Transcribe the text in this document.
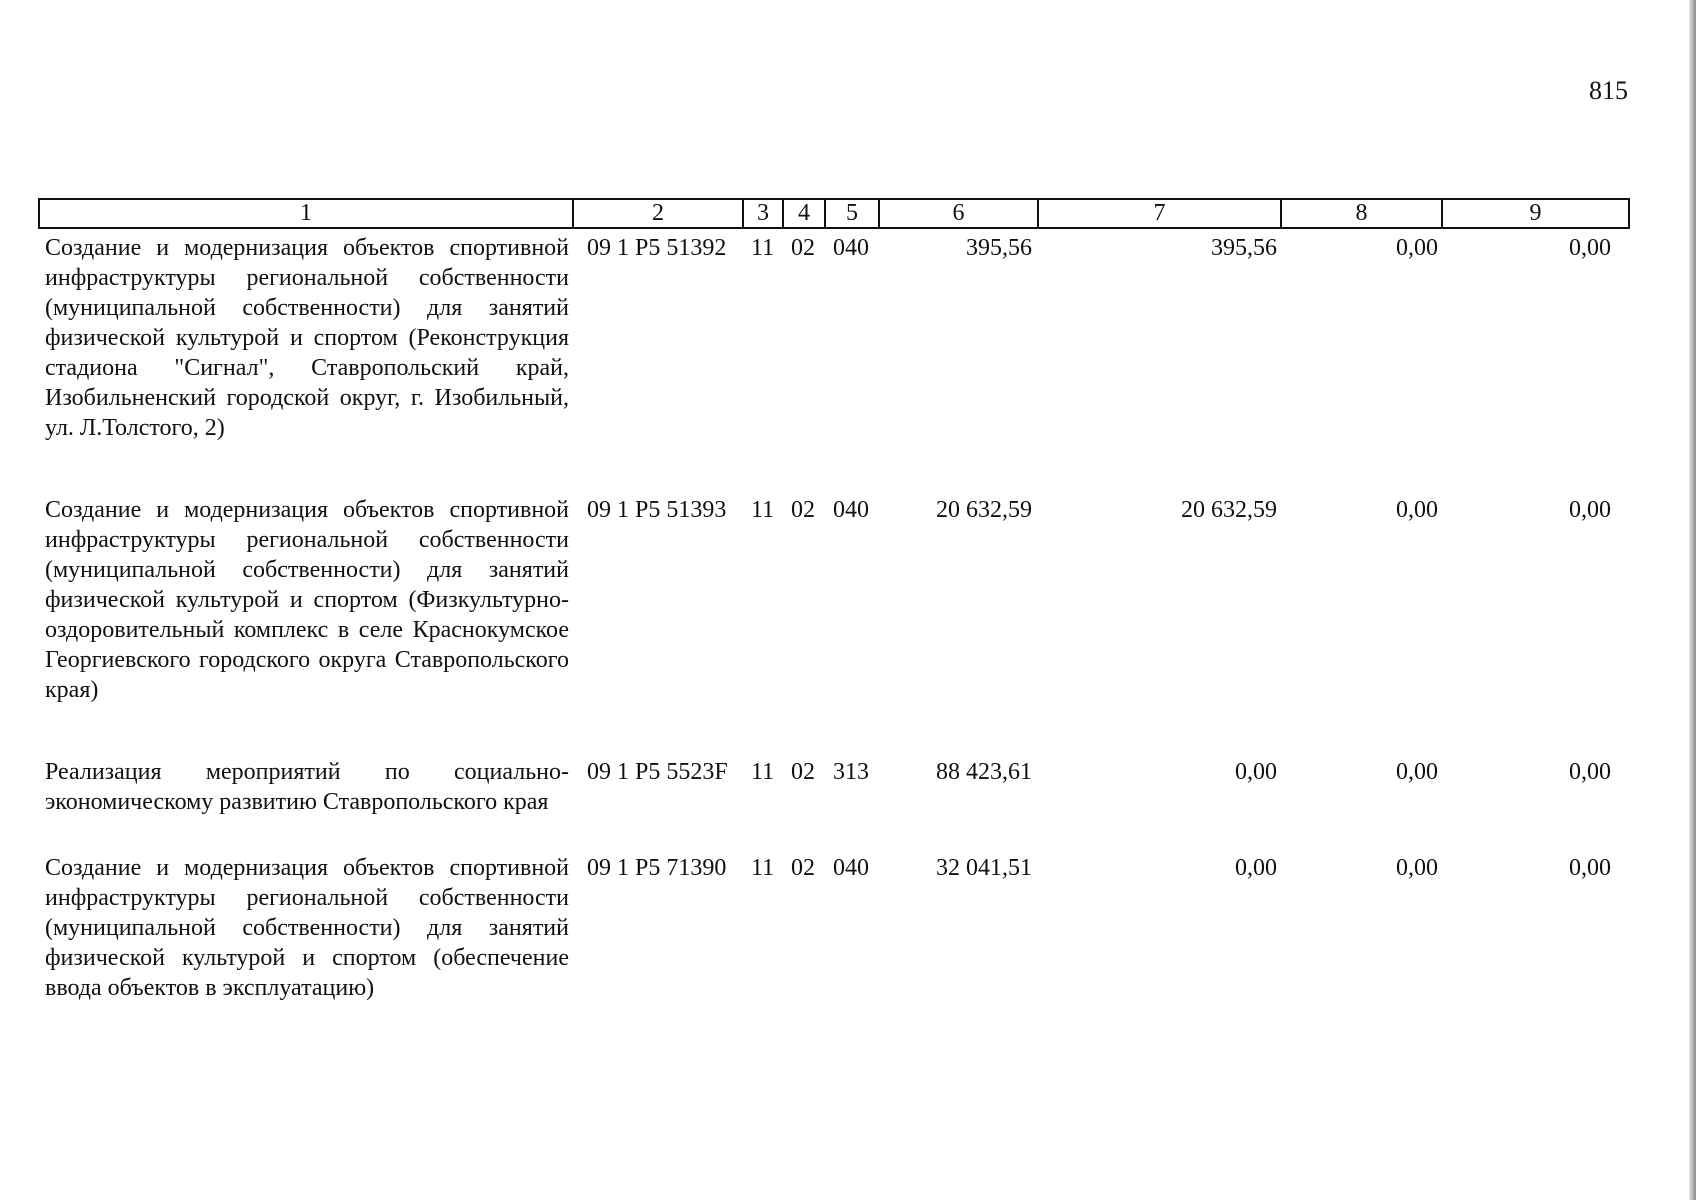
815
1	2	3	4	5	6	7	8	9
Создание и модернизация объектов спортивной инфраструктуры региональной собственности (муниципальной собственности) для занятий физической культурой и спортом (Реконструкция стадиона "Сигнал", Ставропольский край, Изобильненский городской округ, г. Изобильный, ул. Л.Толстого, 2)	09 1 P5 51392	11	02	040	395,56	395,56	0,00	0,00
Создание и модернизация объектов спортивной инфраструктуры региональной собственности (муниципальной собственности) для занятий физической культурой и спортом (Физкультурно-оздоровительный комплекс в селе Краснокумское Георгиевского городского округа Ставропольского края)	09 1 P5 51393	11	02	040	20 632,59	20 632,59	0,00	0,00
Реализация мероприятий по социально-экономическому развитию Ставропольского края	09 1 P5 5523F	11	02	313	88 423,61	0,00	0,00	0,00
Создание и модернизация объектов спортивной инфраструктуры региональной собственности (муниципальной собственности) для занятий физической культурой и спортом (обеспечение ввода объектов в эксплуатацию)	09 1 P5 71390	11	02	040	32 041,51	0,00	0,00	0,00
